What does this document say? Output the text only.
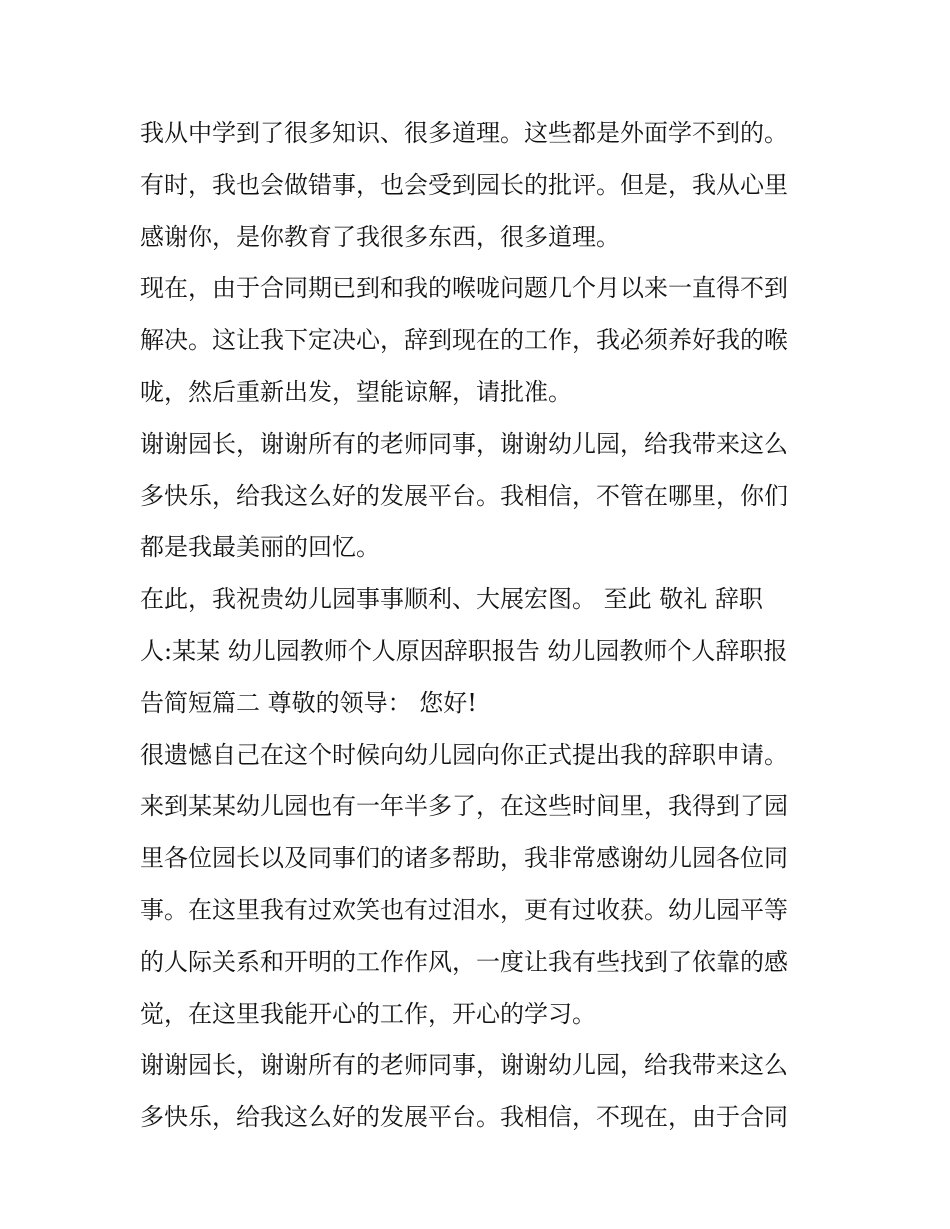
我从中学到了很多知识、很多道理。这些都是外面学不到的。
有时，我也会做错事，也会受到园长的批评。但是，我从心里
感谢你，是你教育了我很多东西，很多道理。
现在，由于合同期已到和我的喉咙问题几个月以来一直得不到
解决。这让我下定决心，辞到现在的工作，我必须养好我的喉
咙，然后重新出发，望能谅解，请批准。
谢谢园长，谢谢所有的老师同事，谢谢幼儿园，给我带来这么
多快乐，给我这么好的发展平台。我相信，不管在哪里，你们
都是我最美丽的回忆。
在此，我祝贵幼儿园事事顺利、大展宏图。 至此 敬礼 辞职
人:某某 幼儿园教师个人原因辞职报告 幼儿园教师个人辞职报
告简短篇二 尊敬的领导： 您好!
很遗憾自己在这个时候向幼儿园向你正式提出我的辞职申请。
来到某某幼儿园也有一年半多了，在这些时间里，我得到了园
里各位园长以及同事们的诸多帮助，我非常感谢幼儿园各位同
事。在这里我有过欢笑也有过泪水，更有过收获。幼儿园平等
的人际关系和开明的工作作风，一度让我有些找到了依靠的感
觉，在这里我能开心的工作，开心的学习。
谢谢园长，谢谢所有的老师同事，谢谢幼儿园，给我带来这么
多快乐，给我这么好的发展平台。我相信，不现在，由于合同
